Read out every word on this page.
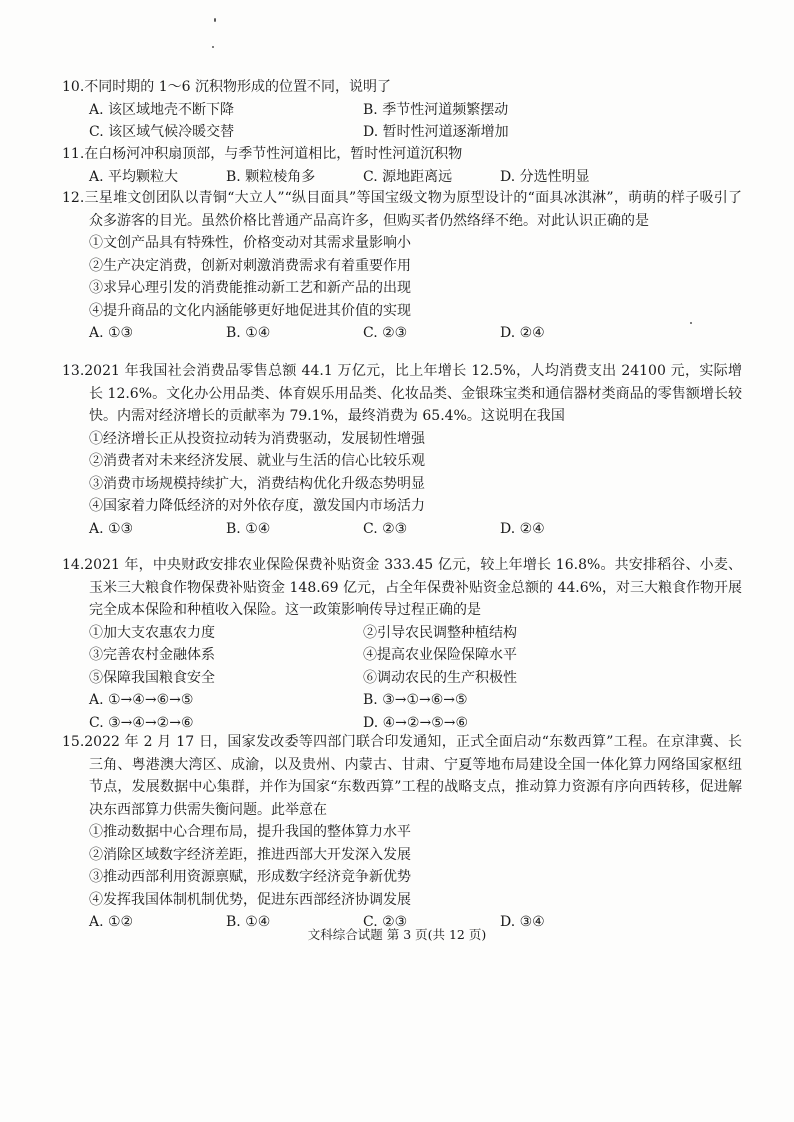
10.不同时期的 1～6 沉积物形成的位置不同，说明了

A. 该区域地壳不断下降	B. 季节性河道频繁摆动
C. 该区域气候冷暖交替	D. 暂时性河道逐渐增加

11.在白杨河冲积扇顶部，与季节性河道相比，暂时性河道沉积物

A. 平均颗粒大	B. 颗粒棱角多	C. 源地距离远	D. 分选性明显

12.三星堆文创团队以青铜“大立人”“纵目面具”等国宝级文物为原型设计的“面具冰淇淋”，萌萌的样子吸引了众多游客的目光。虽然价格比普通产品高许多，但购买者仍然络绎不绝。对此认识正确的是

①文创产品具有特殊性，价格变动对其需求量影响小

②生产决定消费，创新对刺激消费需求有着重要作用

③求异心理引发的消费能推动新工艺和新产品的出现

④提升商品的文化内涵能够更好地促进其价值的实现

A. ①③	B. ①④	C. ②③	D. ②④

13.2021 年我国社会消费品零售总额 44.1 万亿元，比上年增长 12.5%，人均消费支出 24100 元，实际增长 12.6%。文化办公用品类、体育娱乐用品类、化妆品类、金银珠宝类和通信器材类商品的零售额增长较快。内需对经济增长的贡献率为 79.1%，最终消费为 65.4%。这说明在我国

①经济增长正从投资拉动转为消费驱动，发展韧性增强

②消费者对未来经济发展、就业与生活的信心比较乐观

③消费市场规模持续扩大，消费结构优化升级态势明显

④国家着力降低经济的对外依存度，激发国内市场活力

A. ①③	B. ①④	C. ②③	D. ②④

14.2021 年，中央财政安排农业保险保费补贴资金 333.45 亿元，较上年增长 16.8%。共安排稻谷、小麦、玉米三大粮食作物保费补贴资金 148.69 亿元，占全年保费补贴资金总额的 44.6%，对三大粮食作物开展完全成本保险和种植收入保险。这一政策影响传导过程正确的是

①加大支农惠农力度	②引导农民调整种植结构
③完善农村金融体系	④提高农业保险保障水平
⑤保障我国粮食安全	⑥调动农民的生产积极性
A. ①→④→⑥→⑤	B. ③→①→⑥→⑤
C. ③→④→②→⑥	D. ④→②→⑤→⑥

15.2022 年 2 月 17 日，国家发改委等四部门联合印发通知，正式全面启动“东数西算”工程。在京津冀、长三角、粤港澳大湾区、成渝，以及贵州、内蒙古、甘肃、宁夏等地布局建设全国一体化算力网络国家枢纽节点，发展数据中心集群，并作为国家“东数西算”工程的战略支点，推动算力资源有序向西转移，促进解决东西部算力供需失衡问题。此举意在

①推动数据中心合理布局，提升我国的整体算力水平

②消除区域数字经济差距，推进西部大开发深入发展

③推动西部利用资源禀赋，形成数字经济竞争新优势

④发挥我国体制机制优势，促进东西部经济协调发展

A. ①②	B. ①④	C. ②③	D. ③④
文科综合试题 第 3 页(共 12 页)
